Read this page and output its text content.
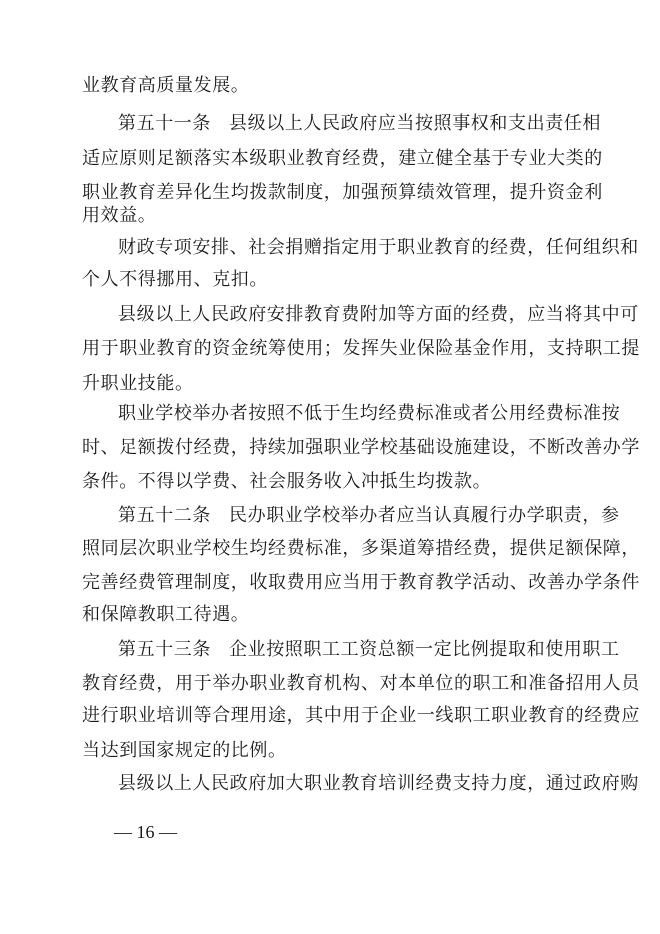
业教育高质量发展。
第五十一条 县级以上人民政府应当按照事权和支出责任相
适应原则足额落实本级职业教育经费，建立健全基于专业大类的
职业教育差异化生均拨款制度，加强预算绩效管理，提升资金利
用效益。
财政专项安排、社会捐赠指定用于职业教育的经费，任何组织和
个人不得挪用、克扣。
县级以上人民政府安排教育费附加等方面的经费，应当将其中可
用于职业教育的资金统筹使用；发挥失业保险基金作用，支持职工提
升职业技能。
职业学校举办者按照不低于生均经费标准或者公用经费标准按
时、足额拨付经费，持续加强职业学校基础设施建设，不断改善办学
条件。不得以学费、社会服务收入冲抵生均拨款。
第五十二条 民办职业学校举办者应当认真履行办学职责，参
照同层次职业学校生均经费标准，多渠道筹措经费，提供足额保障，
完善经费管理制度，收取费用应当用于教育教学活动、改善办学条件
和保障教职工待遇。
第五十三条 企业按照职工工资总额一定比例提取和使用职工
教育经费，用于举办职业教育机构、对本单位的职工和准备招用人员
进行职业培训等合理用途，其中用于企业一线职工职业教育的经费应
当达到国家规定的比例。
县级以上人民政府加大职业教育培训经费支持力度，通过政府购
— 16 —
